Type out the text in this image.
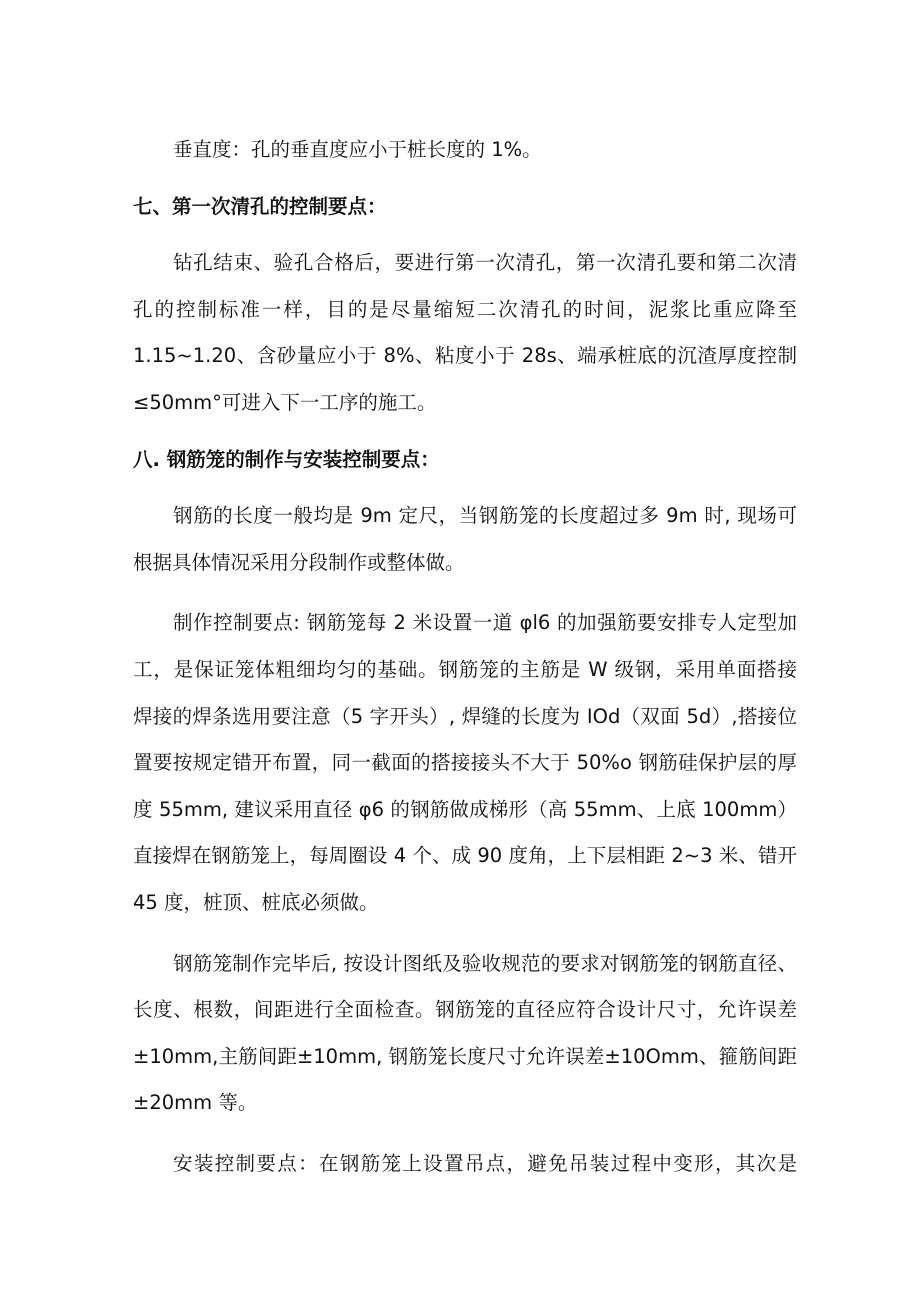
垂直度：孔的垂直度应小于桩长度的 1%。

七、第一次清孔的控制要点：

钻孔结束、验孔合格后，要进行第一次清孔，第一次清孔要和第二次清

孔的控制标准一样，目的是尽量缩短二次清孔的时间，泥浆比重应降至

1.15~1.20、含砂量应小于 8%、粘度小于 28s、端承桩底的沉渣厚度控制

≤50mm°可进入下一工序的施工。

八. 钢筋笼的制作与安装控制要点：

钢筋的长度一般均是 9m 定尺，当钢筋笼的长度超过多 9m 时, 现场可

根据具体情况采用分段制作或整体做。

制作控制要点: 钢筋笼每 2 米设置一道 φl6 的加强筋要安排专人定型加

工，是保证笼体粗细均匀的基础。钢筋笼的主筋是 W 级钢，采用单面搭接

焊接的焊条选用要注意（5 字开头）, 焊缝的长度为 IOd（双面 5d）,搭接位

置要按规定错开布置，同一截面的搭接接头不大于 50%o 钢筋硅保护层的厚

度 55mm, 建议采用直径 φ6 的钢筋做成梯形（高 55mm、上底 100mm）

直接焊在钢筋笼上，每周圈设 4 个、成 90 度角，上下层相距 2~3 米、错开

45 度，桩顶、桩底必须做。

钢筋笼制作完毕后, 按设计图纸及验收规范的要求对钢筋笼的钢筋直径、

长度、根数，间距进行全面检查。钢筋笼的直径应符合设计尺寸，允许误差

±10mm,主筋间距±10mm, 钢筋笼长度尺寸允许误差±10Omm、箍筋间距

±20mm 等。

安装控制要点：在钢筋笼上设置吊点，避免吊装过程中变形，其次是
